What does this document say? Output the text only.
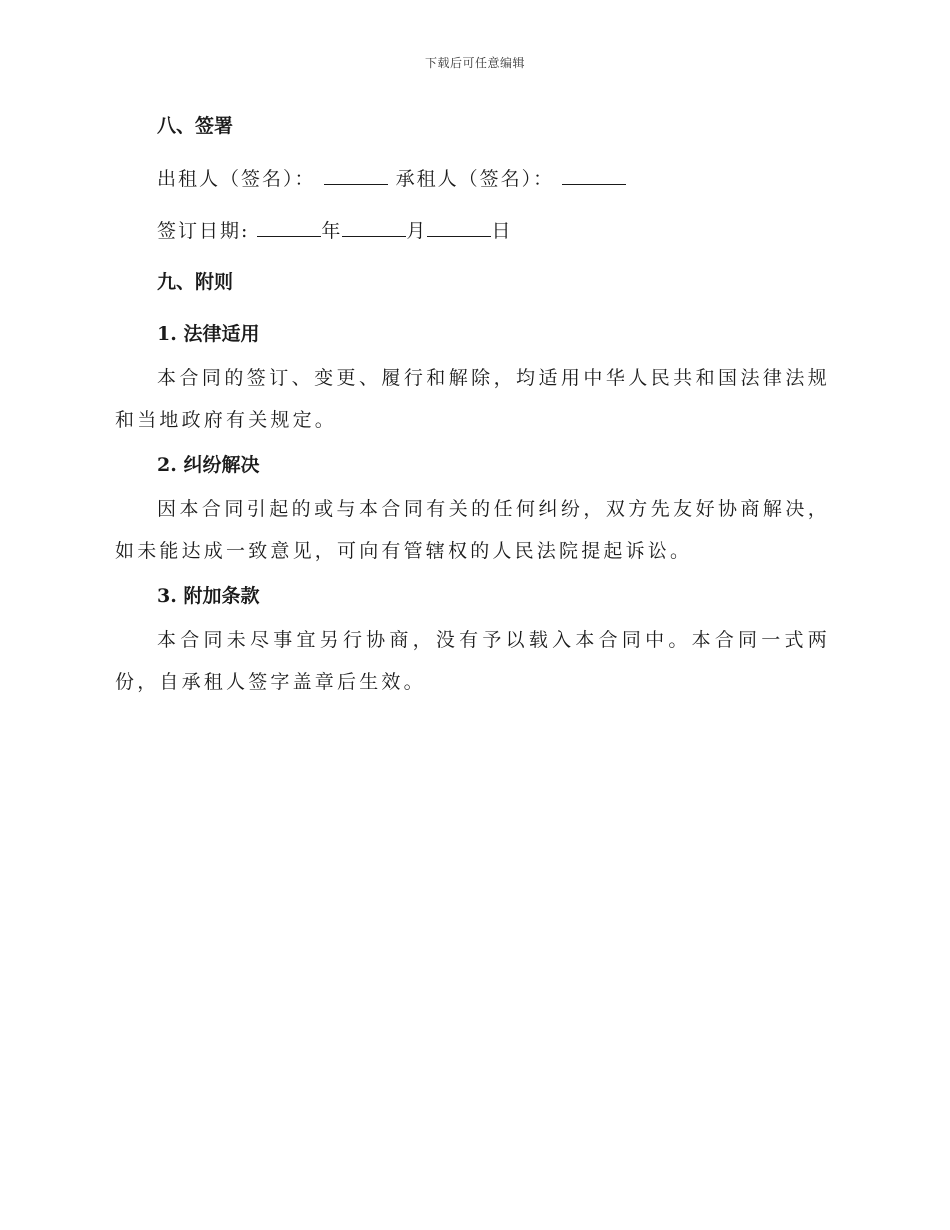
下载后可任意编辑

八、签署

出租人（签名）：	承租人（签名）：

签订日期:	年	月	日

九、附则

1. 法律适用

本合同的签订、变更、履行和解除，均适用中华人民共和国法律法规和当地政府有关规定。

2. 纠纷解决

因本合同引起的或与本合同有关的任何纠纷，双方先友好协商解决，如未能达成一致意见，可向有管辖权的人民法院提起诉讼。

3. 附加条款

本合同未尽事宜另行协商，没有予以载入本合同中。本合同一式两份，自承租人签字盖章后生效。
